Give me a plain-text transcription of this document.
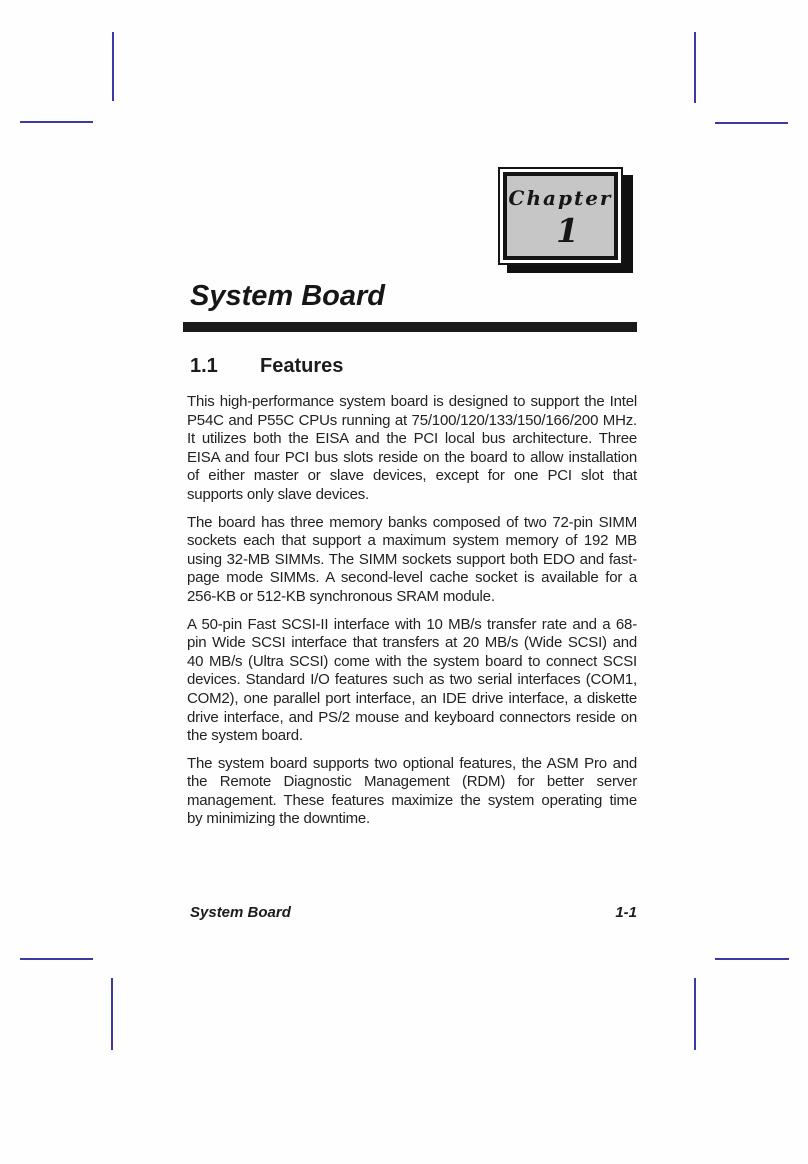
Chapter
1
System Board
1.1 Features
This high-performance system board is designed to support the Intel
P54C and P55C CPUs running at 75/100/120/133/150/166/200 MHz.
It utilizes both the EISA and the PCI local bus architecture. Three
EISA and four PCI bus slots reside on the board to allow installation
of either master or slave devices, except for one PCI slot that
supports only slave devices.
The board has three memory banks composed of two 72-pin SIMM
sockets each that support a maximum system memory of 192 MB
using 32-MB SIMMs. The SIMM sockets support both EDO and fast-
page mode SIMMs. A second-level cache socket is available for a
256-KB or 512-KB synchronous SRAM module.
A 50-pin Fast SCSI-II interface with 10 MB/s transfer rate and a 68-
pin Wide SCSI interface that transfers at 20 MB/s (Wide SCSI) and
40 MB/s (Ultra SCSI) come with the system board to connect SCSI
devices. Standard I/O features such as two serial interfaces (COM1,
COM2), one parallel port interface, an IDE drive interface, a diskette
drive interface, and PS/2 mouse and keyboard connectors reside on
the system board.
The system board supports two optional features, the ASM Pro and
the Remote Diagnostic Management (RDM) for better server
management. These features maximize the system operating time
by minimizing the downtime.
System Board	1-1
